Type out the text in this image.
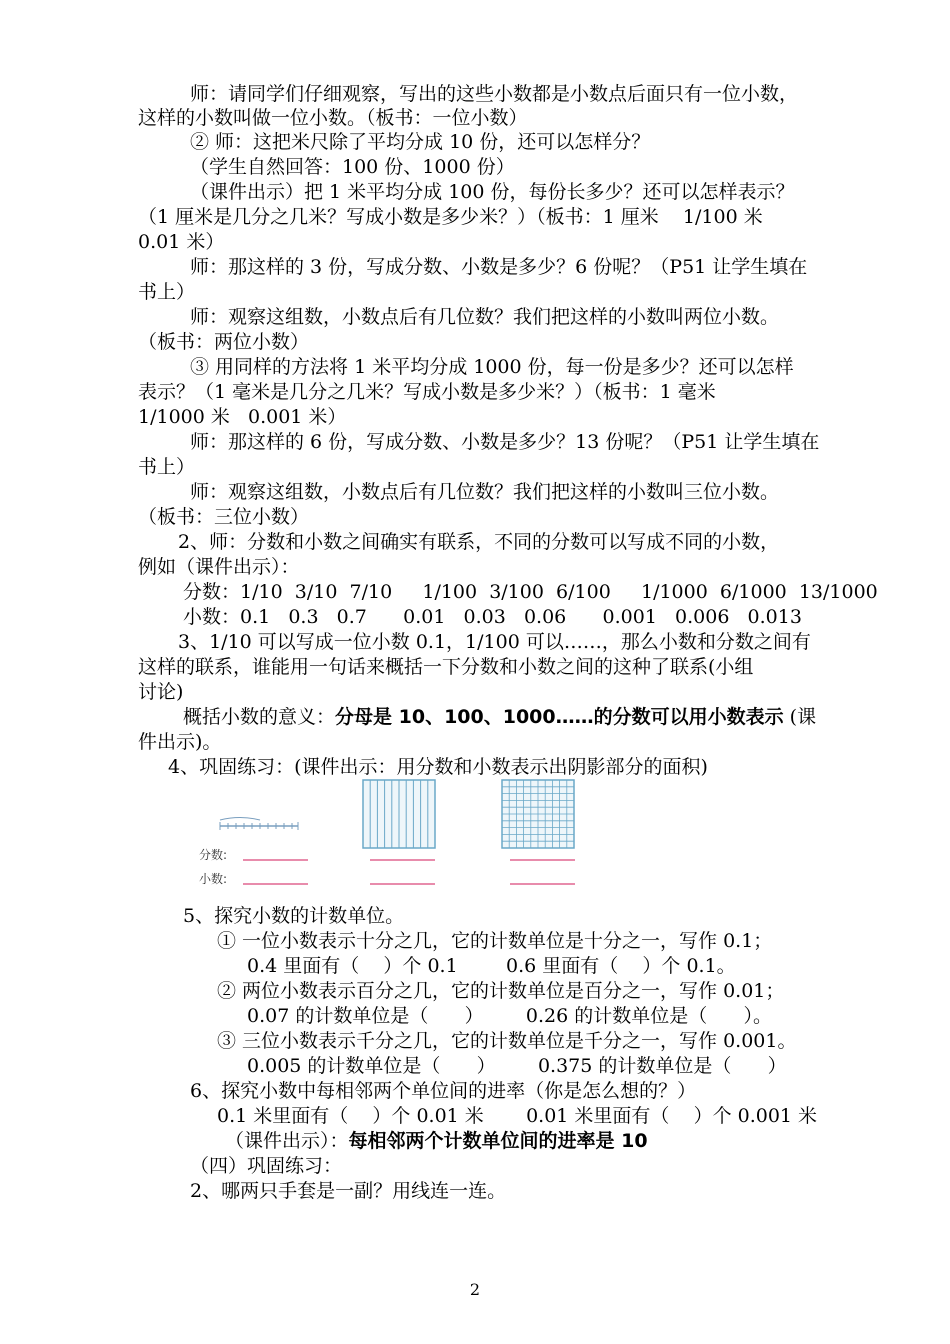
师：请同学们仔细观察，写出的这些小数都是小数点后面只有一位小数，
这样的小数叫做一位小数。（板书：一位小数）
② 师：这把米尺除了平均分成 10 份，还可以怎样分？
（学生自然回答：100 份、1000 份）
（课件出示）把 1 米平均分成 100 份，每份长多少？还可以怎样表示？
（1 厘米是几分之几米？写成小数是多少米？）（板书：1 厘米    1/100 米
0.01 米）
师：那这样的 3 份，写成分数、小数是多少？6 份呢？（P51 让学生填在
书上）
师：观察这组数，小数点后有几位数？我们把这样的小数叫两位小数。
（板书：两位小数）
③ 用同样的方法将 1 米平均分成 1000 份，每一份是多少？还可以怎样
表示？（1 毫米是几分之几米？写成小数是多少米？）（板书：1 毫米
1/1000 米   0.001 米）
师：那这样的 6 份，写成分数、小数是多少？13 份呢？（P51 让学生填在
书上）
师：观察这组数，小数点后有几位数？我们把这样的小数叫三位小数。
（板书：三位小数）
2、师：分数和小数之间确实有联系，不同的分数可以写成不同的小数，
例如（课件出示）：
分数：1/10  3/10  7/10     1/100  3/100  6/100     1/1000  6/1000  13/1000
小数：0.1   0.3   0.7      0.01   0.03   0.06      0.001   0.006   0.013
3、1/10 可以写成一位小数 0.1，1/100 可以……，那么小数和分数之间有
这样的联系，谁能用一句话来概括一下分数和小数之间的这种了联系(小组
讨论)
概括小数的意义：分母是 10、100、1000……的分数可以用小数表示 (课
件出示)。
4、巩固练习：(课件出示：用分数和小数表示出阴影部分的面积)
分数:
小数:
5、探究小数的计数单位。
① 一位小数表示十分之几，它的计数单位是十分之一，写作 0.1；
0.4 里面有（    ）个 0.1        0.6 里面有（    ）个 0.1。
② 两位小数表示百分之几，它的计数单位是百分之一，写作 0.01；
0.07 的计数单位是（      ）       0.26 的计数单位是（      ）。
③ 三位小数表示千分之几，它的计数单位是千分之一，写作 0.001。
0.005 的计数单位是（      ）       0.375 的计数单位是（      ）
6、探究小数中每相邻两个单位间的进率（你是怎么想的？）
0.1 米里面有（    ）个 0.01 米       0.01 米里面有（    ）个 0.001 米
（课件出示）：每相邻两个计数单位间的进率是 10
（四）巩固练习：
2、哪两只手套是一副？用线连一连。
2
